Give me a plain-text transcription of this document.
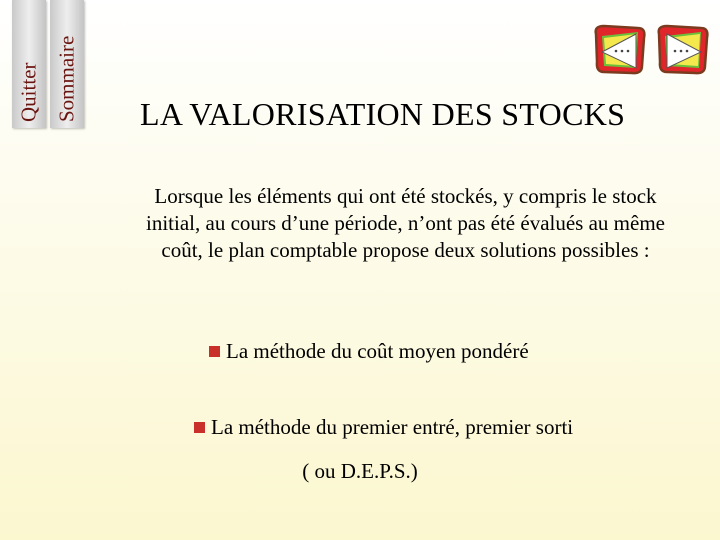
Quitter Sommaire LA VALORISATION DES STOCKS
Lorsque les éléments qui ont été stockés, y compris le stock initial, au cours d’une période, n’ont pas été évalués au même coût, le plan comptable propose deux solutions possibles :
La méthode du coût moyen pondéré
La méthode du premier entré, premier sorti
( ou D.E.P.S.)
